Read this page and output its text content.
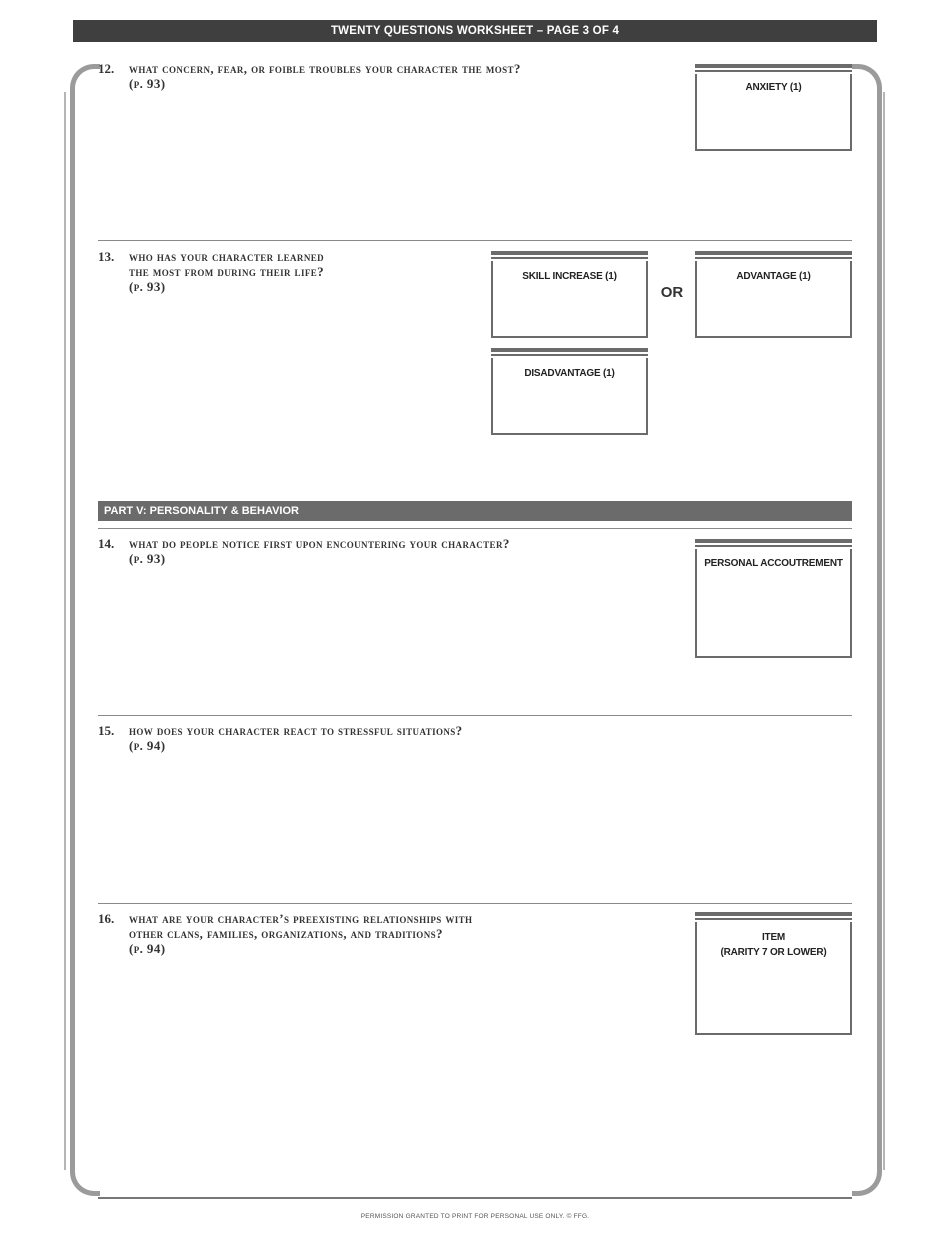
TWENTY QUESTIONS WORKSHEET – PAGE 3 OF 4
12. what concern, fear, or foible troubles your character the most?
(p. 93)	ANXIETY (1)
13. who has your character learned
the most from during their life?
(p. 93)
SKILL INCREASE (1)
OR
ADVANTAGE (1)
DISADVANTAGE (1)
PART V: PERSONALITY & BEHAVIOR
14. what do people notice first upon encountering your character?
(p. 93)	PERSONAL ACCOUTREMENT
15. how does your character react to stressful situations?
(p. 94)
16. what are your character’s preexisting relationships with
other clans, families, organizations, and traditions?
(p. 94)
ITEM
(RARITY 7 OR LOWER)
PERMISSION GRANTED TO PRINT FOR PERSONAL USE ONLY. © FFG.
